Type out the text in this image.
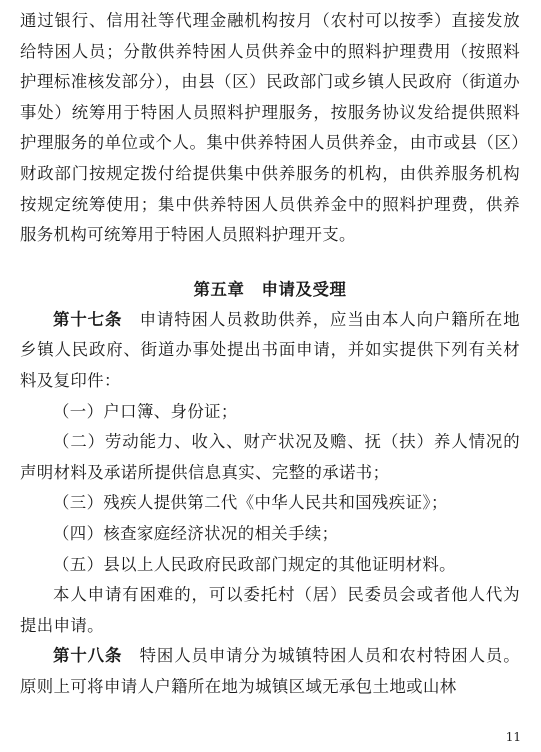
通过银行、信用社等代理金融机构按月（农村可以按季）直接发放给特困人员；分散供养特困人员供养金中的照料护理费用（按照料护理标准核发部分），由县（区）民政部门或乡镇人民政府（街道办事处）统筹用于特困人员照料护理服务，按服务协议发给提供照料护理服务的单位或个人。集中供养特困人员供养金，由市或县（区）财政部门按规定拨付给提供集中供养服务的机构，由供养服务机构按规定统筹使用；集中供养特困人员供养金中的照料护理费，供养服务机构可统筹用于特困人员照料护理开支。

第五章　申请及受理

第十七条　申请特困人员救助供养，应当由本人向户籍所在地乡镇人民政府、街道办事处提出书面申请，并如实提供下列有关材料及复印件：

（一）户口簿、身份证；

（二）劳动能力、收入、财产状况及赡、抚（扶）养人情况的声明材料及承诺所提供信息真实、完整的承诺书；

（三）残疾人提供第二代《中华人民共和国残疾证》；

（四）核查家庭经济状况的相关手续；

（五）县以上人民政府民政部门规定的其他证明材料。

本人申请有困难的，可以委托村（居）民委员会或者他人代为提出申请。

第十八条　特困人员申请分为城镇特困人员和农村特困人员。原则上可将申请人户籍所在地为城镇区域无承包土地或山林

11
